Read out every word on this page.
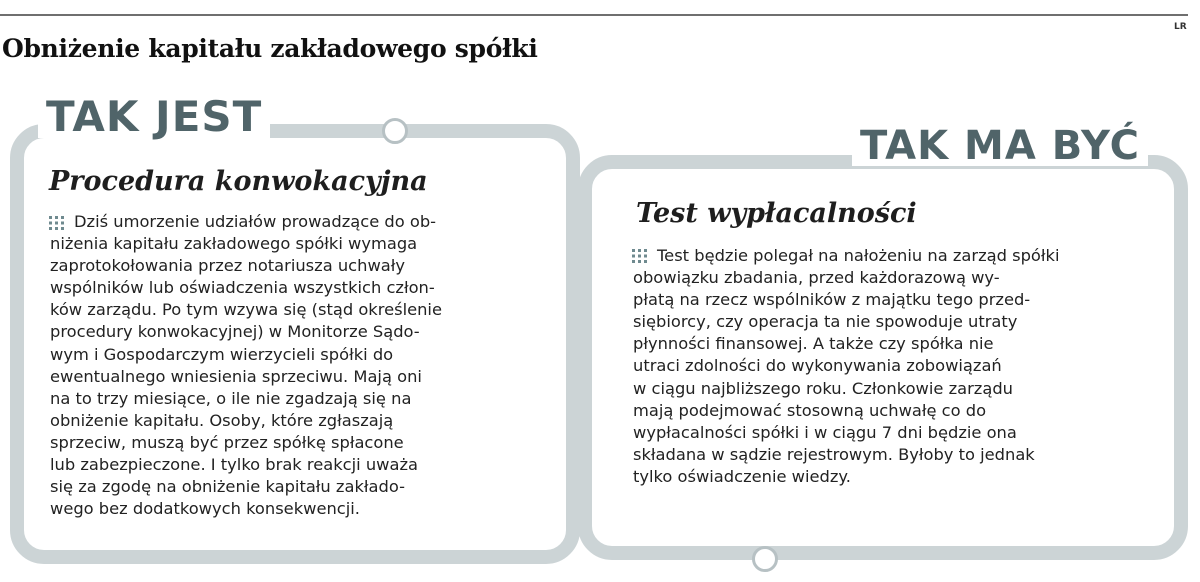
LR
Obniżenie kapitału zakładowego spółki
TAK JEST
TAK MA BYĆ
Procedura konwokacyjna
Test wypłacalności
Dziś umorzenie udziałów prowadzące do ob-
niżenia kapitału zakładowego spółki wymaga
zaprotokołowania przez notariusza uchwały
wspólników lub oświadczenia wszystkich człon-
ków zarządu. Po tym wzywa się (stąd określenie
procedury konwokacyjnej) w Monitorze Sądo-
wym i Gospodarczym wierzycieli spółki do
ewentualnego wniesienia sprzeciwu. Mają oni
na to trzy miesiące, o ile nie zgadzają się na
obniżenie kapitału. Osoby, które zgłaszają
sprzeciw, muszą być przez spółkę spłacone
lub zabezpieczone. I tylko brak reakcji uważa
się za zgodę na obniżenie kapitału zakłado-
wego bez dodatkowych konsekwencji.
Test będzie polegał na nałożeniu na zarząd spółki
obowiązku zbadania, przed każdorazową wy-
płatą na rzecz wspólników z majątku tego przed-
siębiorcy, czy operacja ta nie spowoduje utraty
płynności finansowej. A także czy spółka nie
utraci zdolności do wykonywania zobowiązań
w ciągu najbliższego roku. Członkowie zarządu
mają podejmować stosowną uchwałę co do
wypłacalności spółki i w ciągu 7 dni będzie ona
składana w sądzie rejestrowym. Byłoby to jednak
tylko oświadczenie wiedzy.
